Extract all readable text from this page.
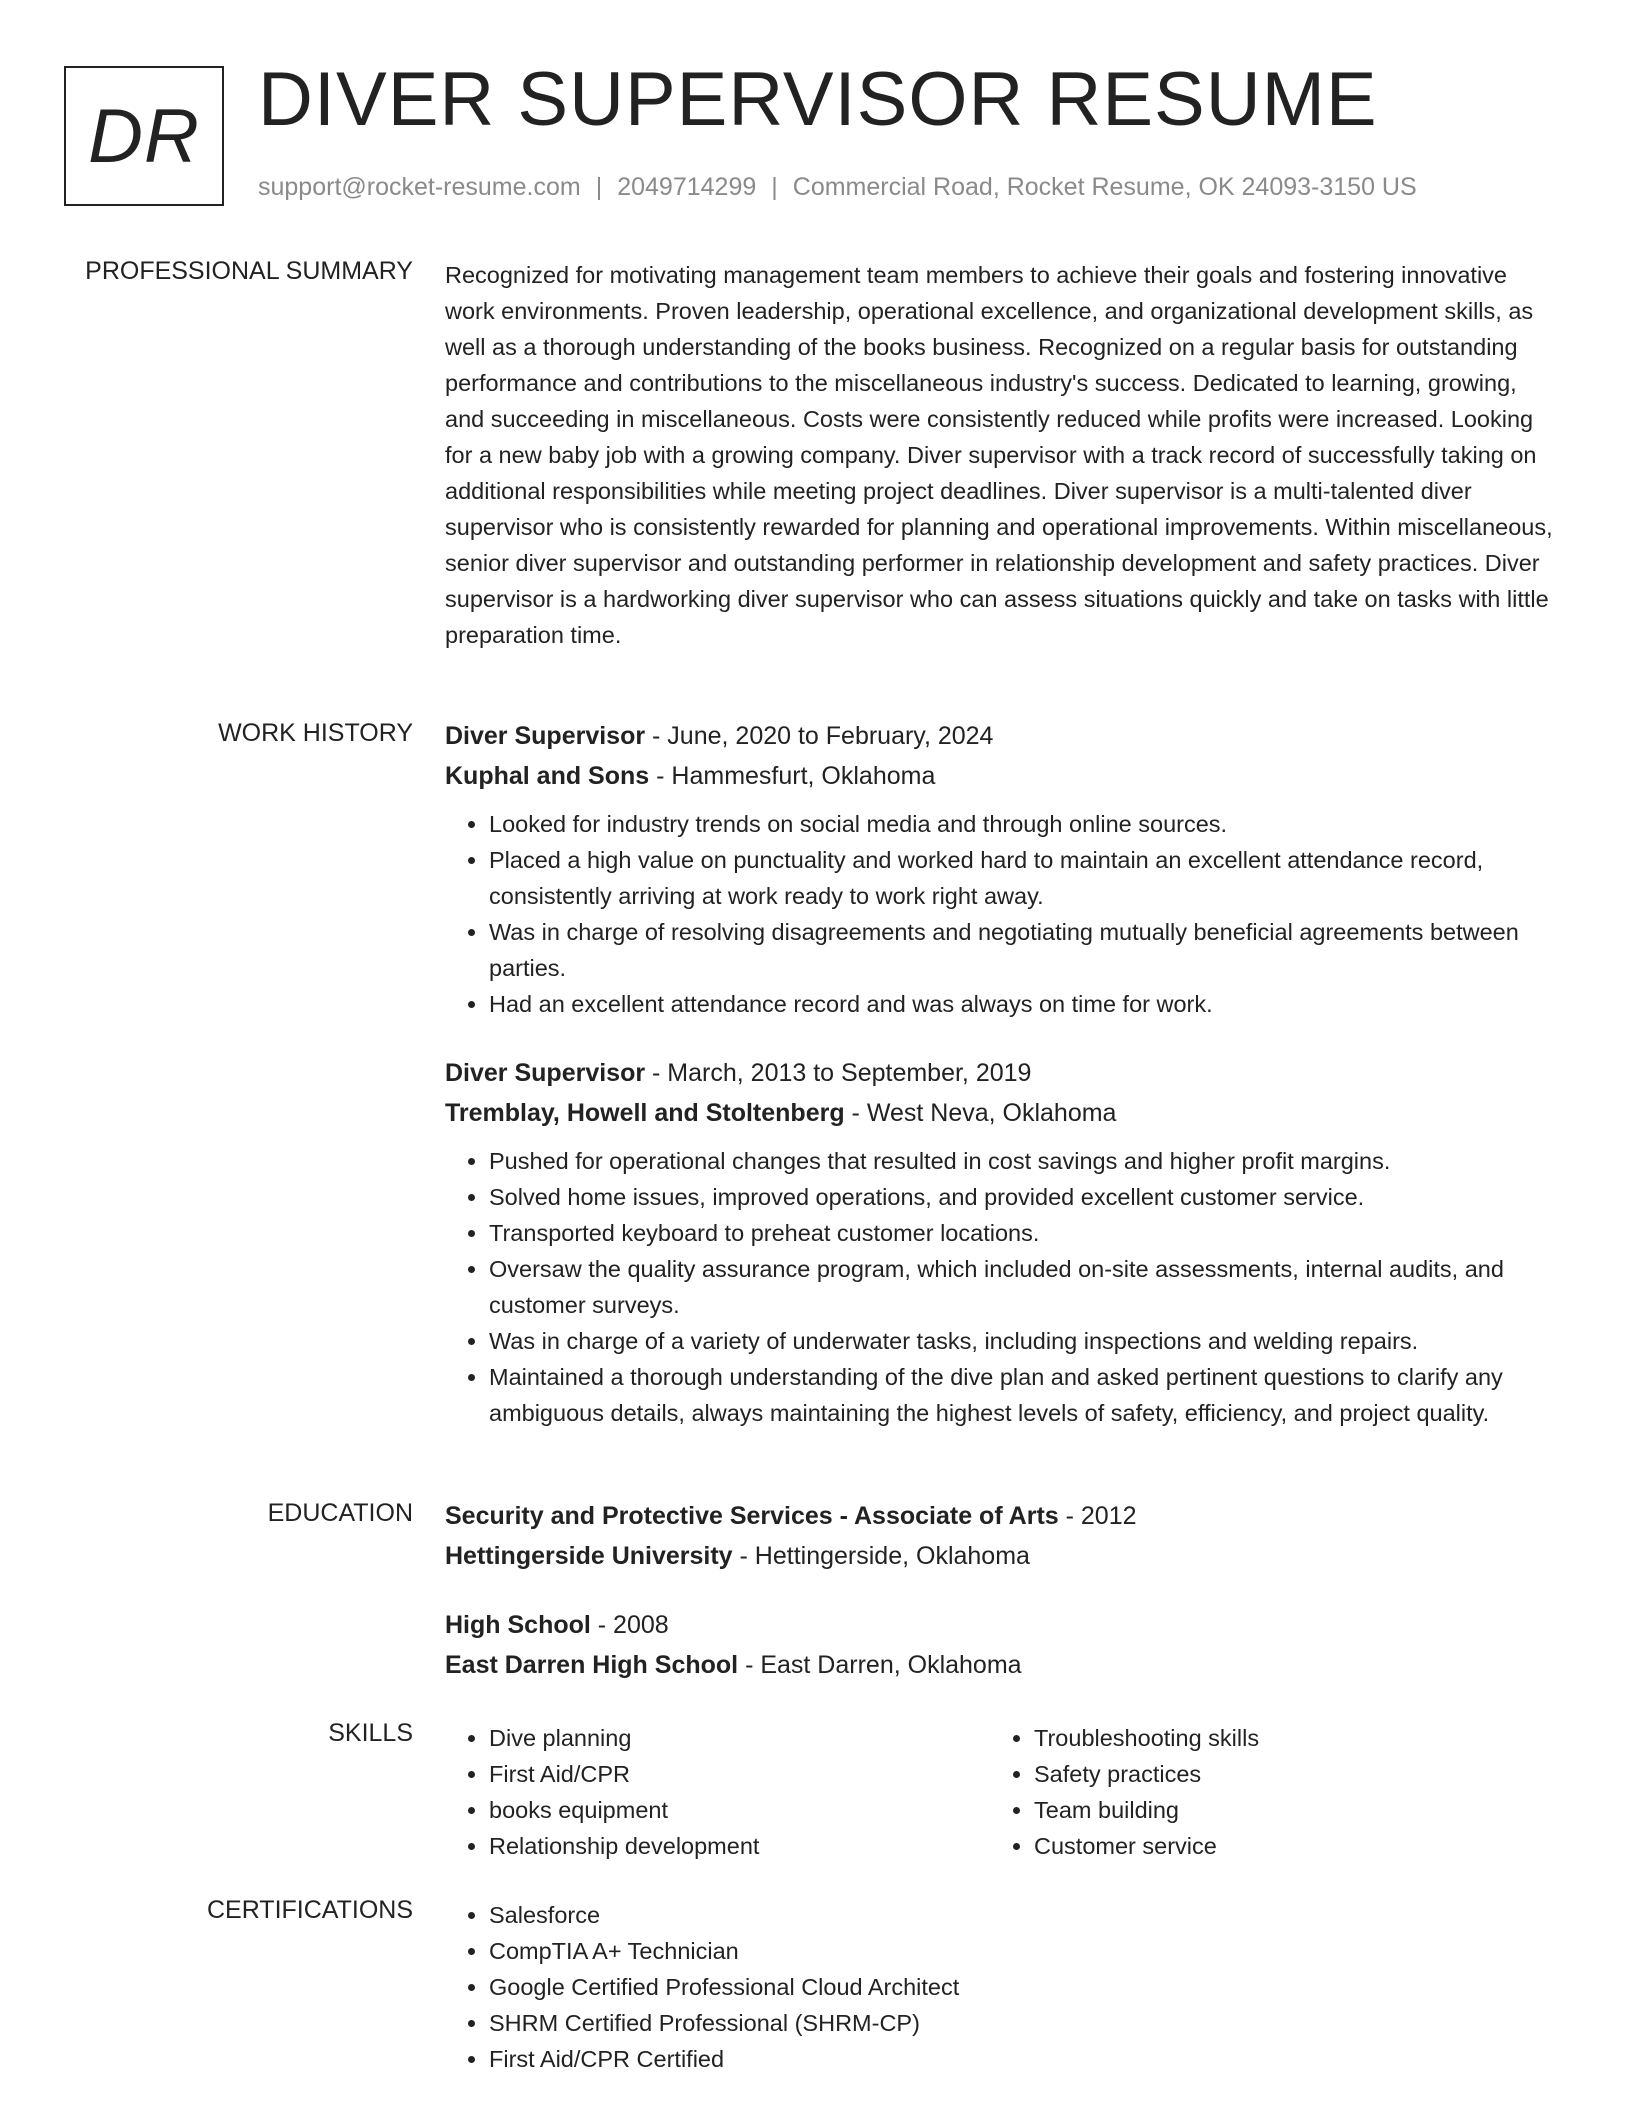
DR DIVER SUPERVISOR RESUME
support@rocket-resume.com | 2049714299 | Commercial Road, Rocket Resume, OK 24093-3150 US
PROFESSIONAL SUMMARY Recognized for motivating management team members to achieve their goals and fostering innovative work environments. Proven leadership, operational excellence, and organizational development skills, as well as a thorough understanding of the books business. Recognized on a regular basis for outstanding performance and contributions to the miscellaneous industry's success. Dedicated to learning, growing, and succeeding in miscellaneous. Costs were consistently reduced while profits were increased. Looking for a new baby job with a growing company. Diver supervisor with a track record of successfully taking on additional responsibilities while meeting project deadlines. Diver supervisor is a multi-talented diver supervisor who is consistently rewarded for planning and operational improvements. Within miscellaneous, senior diver supervisor and outstanding performer in relationship development and safety practices. Diver supervisor is a hardworking diver supervisor who can assess situations quickly and take on tasks with little preparation time.
WORK HISTORY Diver Supervisor - June, 2020 to February, 2024
Kuphal and Sons - Hammesfurt, Oklahoma
• Looked for industry trends on social media and through online sources.
• Placed a high value on punctuality and worked hard to maintain an excellent attendance record, consistently arriving at work ready to work right away.
• Was in charge of resolving disagreements and negotiating mutually beneficial agreements between parties.
• Had an excellent attendance record and was always on time for work.
Diver Supervisor - March, 2013 to September, 2019
Tremblay, Howell and Stoltenberg - West Neva, Oklahoma
• Pushed for operational changes that resulted in cost savings and higher profit margins.
• Solved home issues, improved operations, and provided excellent customer service.
• Transported keyboard to preheat customer locations.
• Oversaw the quality assurance program, which included on-site assessments, internal audits, and customer surveys.
• Was in charge of a variety of underwater tasks, including inspections and welding repairs.
• Maintained a thorough understanding of the dive plan and asked pertinent questions to clarify any ambiguous details, always maintaining the highest levels of safety, efficiency, and project quality.
EDUCATION Security and Protective Services - Associate of Arts - 2012
Hettingerside University - Hettingerside, Oklahoma
High School - 2008
East Darren High School - East Darren, Oklahoma
SKILLS	• Dive planning
• First Aid/CPR
• books equipment
• Relationship development
• Troubleshooting skills
• Safety practices
• Team building
• Customer service
CERTIFICATIONS	• Salesforce
• CompTIA A+ Technician
• Google Certified Professional Cloud Architect
• SHRM Certified Professional (SHRM-CP)
• First Aid/CPR Certified
